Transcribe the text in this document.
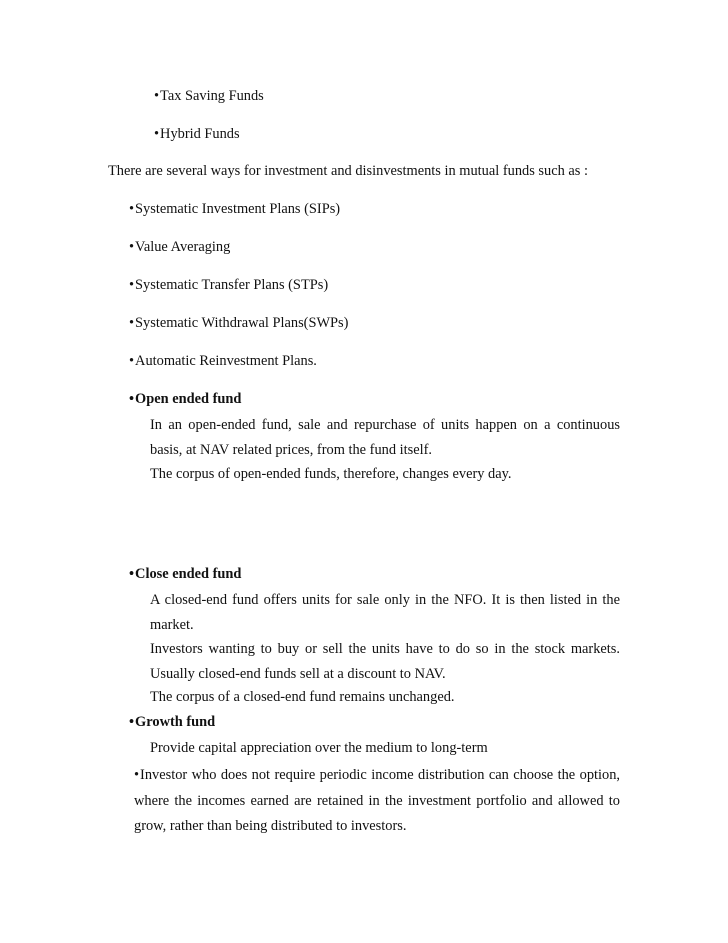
•Tax Saving Funds
•Hybrid Funds
There are several ways for investment and disinvestments in mutual funds such as :
•Systematic Investment Plans (SIPs)
•Value Averaging
•Systematic Transfer Plans (STPs)
•Systematic Withdrawal Plans(SWPs)
•Automatic Reinvestment Plans.
•Open ended fund
In an open-ended fund, sale and repurchase of units happen on a continuous basis, at NAV related prices, from the fund itself.
The corpus of open-ended funds, therefore, changes every day.
•Close ended fund
A closed-end fund offers units for sale only in the NFO. It is then listed in the market.
Investors wanting to buy or sell the units have to do so in the stock markets. Usually closed-end funds sell at a discount to NAV.
The corpus of a closed-end fund remains unchanged.
•Growth fund
Provide capital appreciation over the medium to long-term
•Investor who does not require periodic income distribution can choose the option, where the incomes earned are retained in the investment portfolio and allowed to grow, rather than being distributed to investors.
